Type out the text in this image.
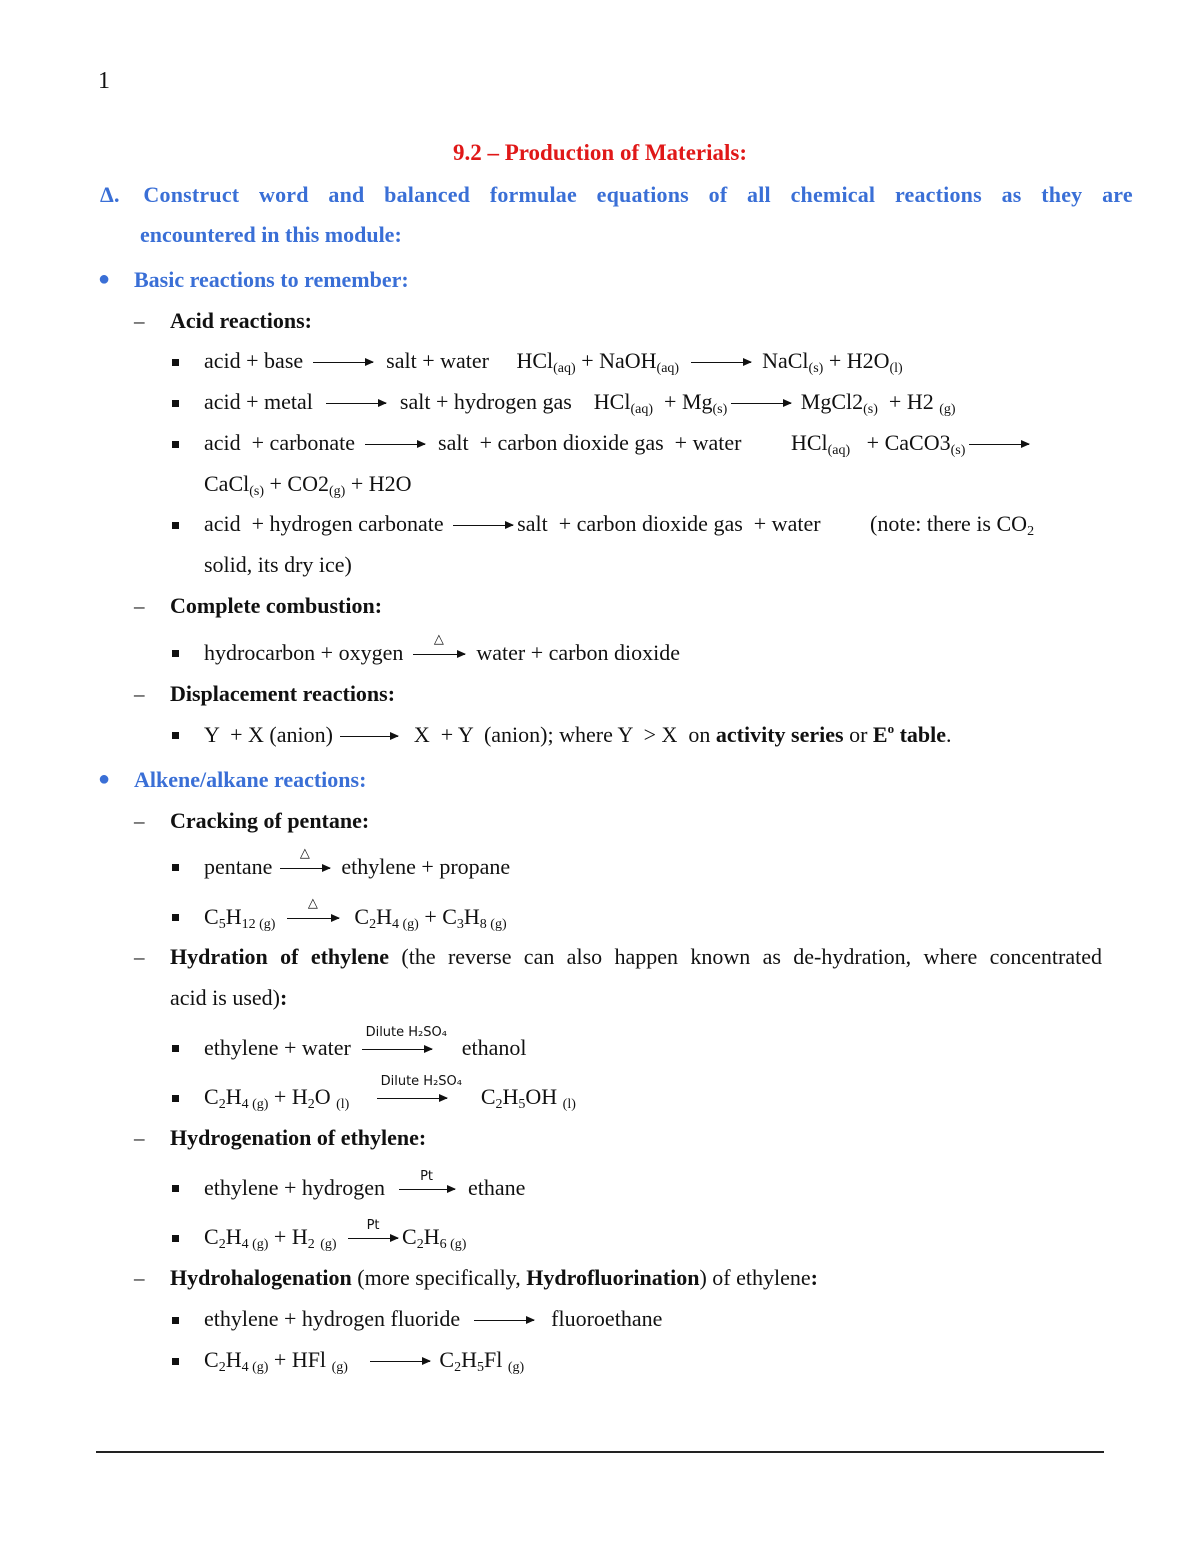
1
9.2 – Production of Materials:
Δ. Construct word and balanced formulae equations of all chemical reactions as they are
encountered in this module:
● Basic reactions to remember:
– Acid reactions:
acid + base	salt + water     HCl$_{(aq)}$ + NaOH$_{(aq)}$	NaCl$_{(s)}$ + $H2O_{(l)}$
acid + metal	salt + hydrogen gas    $HCl_{(aq)} + Mg_{(s)}$	$MgCl2_{(s)} + H2$ $_{(g)}$
acid  + carbonate	salt  + carbon dioxide gas  + water         $HCl_{(aq)} + CaCO3_{(s)}$
CaCl$_{(s)}$ + $CO2_{(g)} + H2O$
acid  + hydrogen carbonate	salt  + carbon dioxide gas  + water         (note: there is $CO_2$
solid, its dry ice)
– Complete combustion:
hydrocarbon + oxygen
△
water + carbon dioxide
– Displacement reactions:
Y  + X (anion)	X  + Y  (anion); where Y  > X  on activity series or $E^o$ table.
● Alkene/alkane reactions:
– Cracking of pentane:
pentane
△
ethylene + propane
$C_5H_{12 (g)}$
△
$C_2H_{4 (g)} + C_3H_{8 (g)}$
– Hydration of ethylene (the reverse can also happen known as de-hydration, where concentrated
acid is used):
ethylene + water
Dilute H₂SO₄
ethanol
$C_2H_{4 (g)} + H_2O$ $_{(l)}$
Dilute H₂SO₄
$C_2H_5OH$ $_{(l)}$
– Hydrogenation of ethylene:
ethylene + hydrogen	Pt	ethane
$C_2H_{4 (g)} + H_2$ $_{(g)}$
Pt	$C_2H_{6 (g)}$
– Hydrohalogenation (more specifically, Hydrofluorination) of ethylene:
ethylene + hydrogen fluoride	fluoroethane
$C_2H_{4 (g)}$ + HFl $_{(g)}$	$C_2H_5Fl$ $_{(g)}$
